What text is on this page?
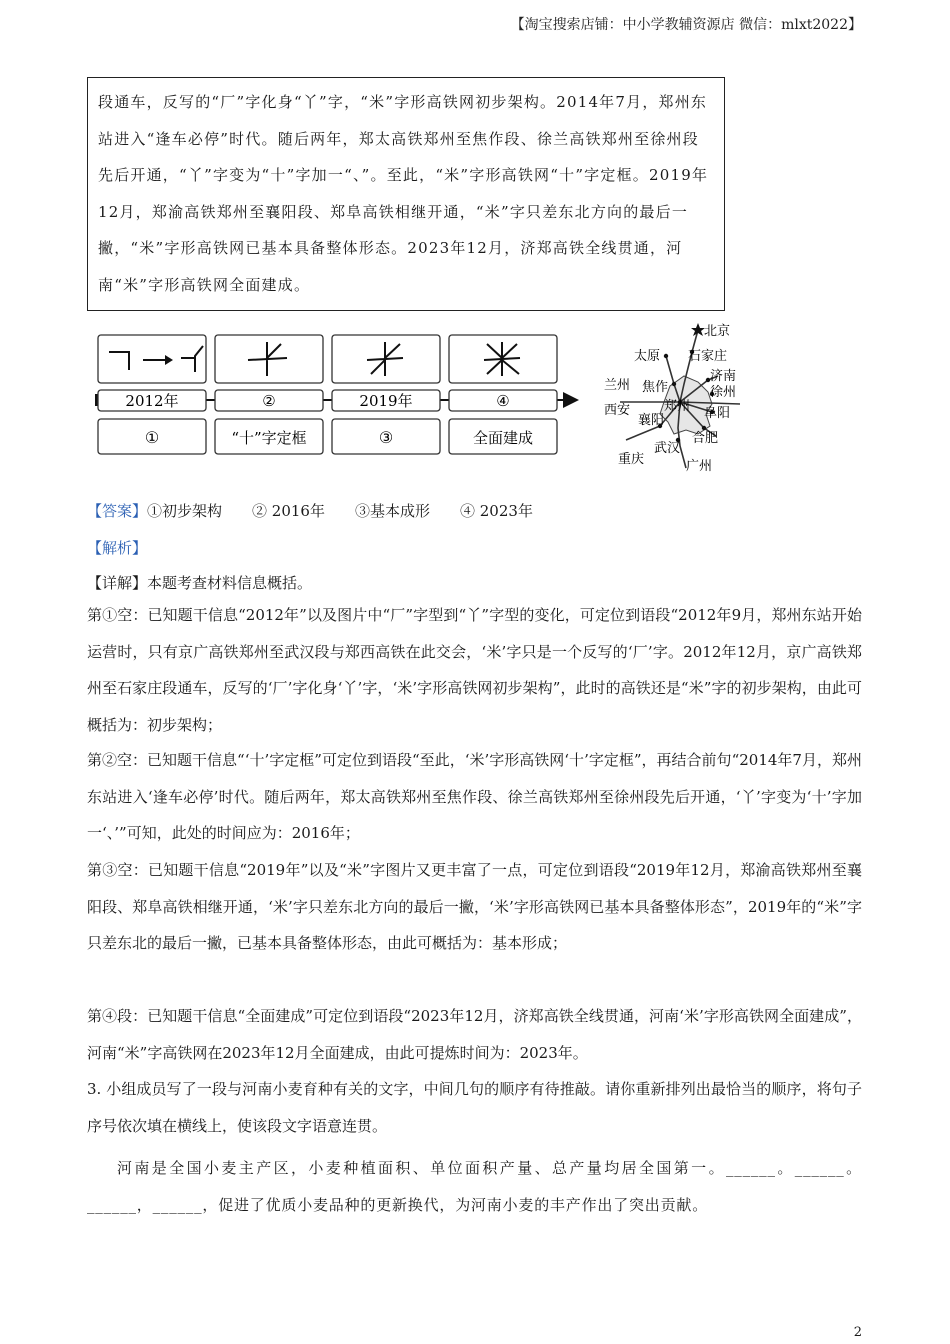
【淘宝搜索店铺：中小学教辅资源店 微信：mlxt2022】

段通车，反写的“厂”字化身“丫”字，“米”字形高铁网初步架构。2014年7月，郑州东站进入“逢车必停”时代。随后两年，郑太高铁郑州至焦作段、徐兰高铁郑州至徐州段先后开通，“丫”字变为“十”字加一“、”。至此，“米”字形高铁网“十”字定框。2019年12月，郑渝高铁郑州至襄阳段、郑阜高铁相继开通，“米”字只差东北方向的最后一撇，“米”字形高铁网已基本具备整体形态。2023年12月，济郑高铁全线贯通，河南“米”字形高铁网全面建成。

2012年
①
②
“十”字定框
2019年
③
④
全面建成
北京
太原 石家庄
济南
兰州 焦作	徐州
西安	郑州 阜阳
襄阳
合肥
武汉
重庆	广州
【答案】①初步架构 ② 2016年 ③基本成形 ④ 2023年
【解析】
【详解】本题考查材料信息概括。

第①空：已知题干信息“2012年”以及图片中“厂”字型到“丫”字型的变化，可定位到语段“2012年9月，郑州东站开始运营时，只有京广高铁郑州至武汉段与郑西高铁在此交会，‘米’字只是一个反写的‘厂’字。2012年12月，京广高铁郑州至石家庄段通车，反写的‘厂’字化身‘丫’字，‘米’字形高铁网初步架构”，此时的高铁还是“米”字的初步架构，由此可概括为：初步架构；

第②空：已知题干信息“‘十’字定框”可定位到语段“至此，‘米’字形高铁网‘十’字定框”，再结合前句“2014年7月，郑州东站进入‘逢车必停’时代。随后两年，郑太高铁郑州至焦作段、徐兰高铁郑州至徐州段先后开通，‘丫’字变为‘十’字加一‘、’”可知，此处的时间应为：2016年；

第③空：已知题干信息“2019年”以及“米”字图片又更丰富了一点，可定位到语段“2019年12月，郑渝高铁郑州至襄阳段、郑阜高铁相继开通，‘米’字只差东北方向的最后一撇，‘米’字形高铁网已基本具备整体形态”，2019年的“米”字只差东北的最后一撇，已基本具备整体形态，由此可概括为：基本形成；

第④段：已知题干信息“全面建成”可定位到语段“2023年12月，济郑高铁全线贯通，河南‘米’字形高铁网全面建成”，河南“米”字高铁网在2023年12月全面建成，由此可提炼时间为：2023年。

3. 小组成员写了一段与河南小麦育种有关的文字，中间几句的顺序有待推敲。请你重新排列出最恰当的顺序，将句子序号依次填在横线上，使该段文字语意连贯。

河南是全国小麦主产区，小麦种植面积、单位面积产量、总产量均居全国第一。______。______。______，______，促进了优质小麦品种的更新换代，为河南小麦的丰产作出了突出贡献。

2
